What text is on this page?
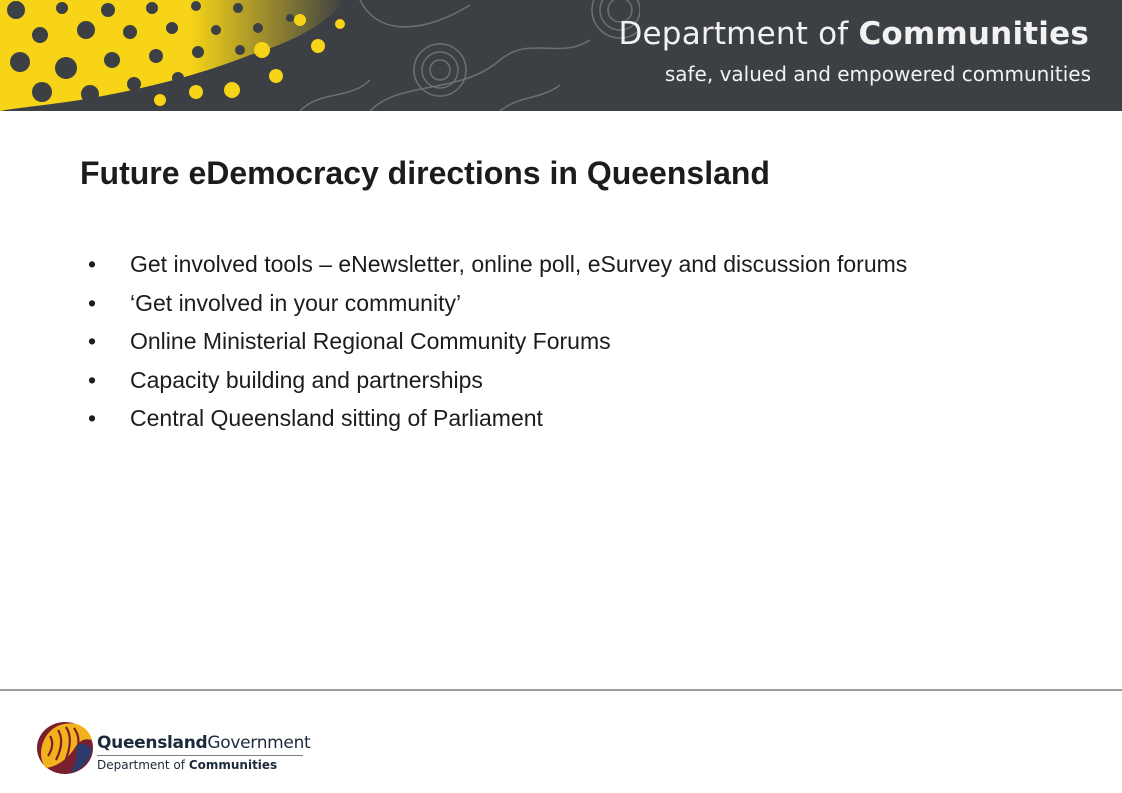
Department of Communities
safe, valued and empowered communities
Future eDemocracy directions in Queensland
•	Get involved tools – eNewsletter, online poll, eSurvey and discussion forums
•	‘Get involved in your community’
•	Online Ministerial Regional Community Forums
•	Capacity building and partnerships
•	Central Queensland sitting of Parliament
QueenslandGovernment
Department of Communities
